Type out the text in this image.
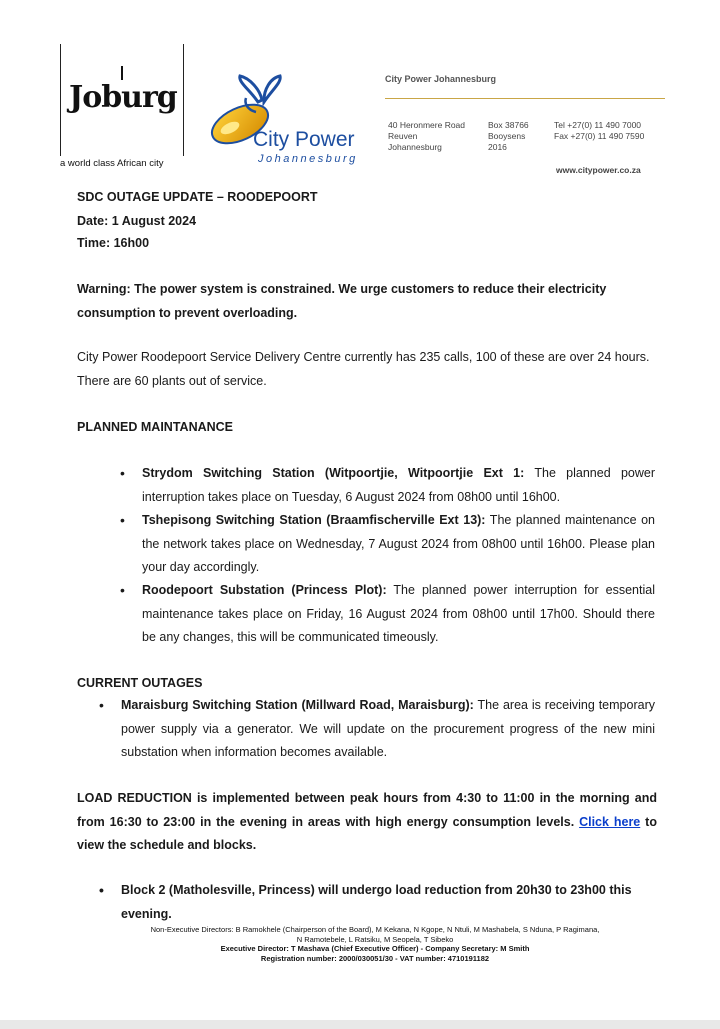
Joburg
a world class African city
City Power
Johannesburg
City Power Johannesburg
40 Heronmere Road
Reuven
Johannesburg
Box 38766
Booysens
2016
Tel +27(0) 11 490 7000
Fax +27(0) 11 490 7590
www.citypower.co.za
SDC OUTAGE UPDATE – ROODEPOORT
Date: 1 August 2024
Time: 16h00
Warning: The power system is constrained. We urge customers to reduce their electricity consumption to prevent overloading.
City Power Roodepoort Service Delivery Centre currently has 235 calls, 100 of these are over 24 hours. There are 60 plants out of service.
PLANNED MAINTANANCE
• Strydom Switching Station (Witpoortjie, Witpoortjie Ext 1: The planned power interruption takes place on Tuesday, 6 August 2024 from 08h00 until 16h00.
• Tshepisong Switching Station (Braamfischerville Ext 13): The planned maintenance on the network takes place on Wednesday, 7 August 2024 from 08h00 until 16h00. Please plan your day accordingly.
• Roodepoort Substation (Princess Plot): The planned power interruption for essential maintenance takes place on Friday, 16 August 2024 from 08h00 until 17h00. Should there be any changes, this will be communicated timeously.
CURRENT OUTAGES
• Maraisburg Switching Station (Millward Road, Maraisburg): The area is receiving temporary power supply via a generator. We will update on the procurement progress of the new mini substation when information becomes available.
LOAD REDUCTION is implemented between peak hours from 4:30 to 11:00 in the morning and from 16:30 to 23:00 in the evening in areas with high energy consumption levels. Click here to view the schedule and blocks.
• Block 2 (Matholesville, Princess) will undergo load reduction from 20h30 to 23h00 this evening.
Non-Executive Directors: B Ramokhele (Chairperson of the Board), M Kekana, N Kgope, N Ntuli, M Mashabela, S Nduna, P Ragimana,
N Ramotebele, L Ratsiku, M Seopela, T Sibeko
Executive Director: T Mashava (Chief Executive Officer) - Company Secretary: M Smith
Registration number: 2000/030051/30 - VAT number: 4710191182
